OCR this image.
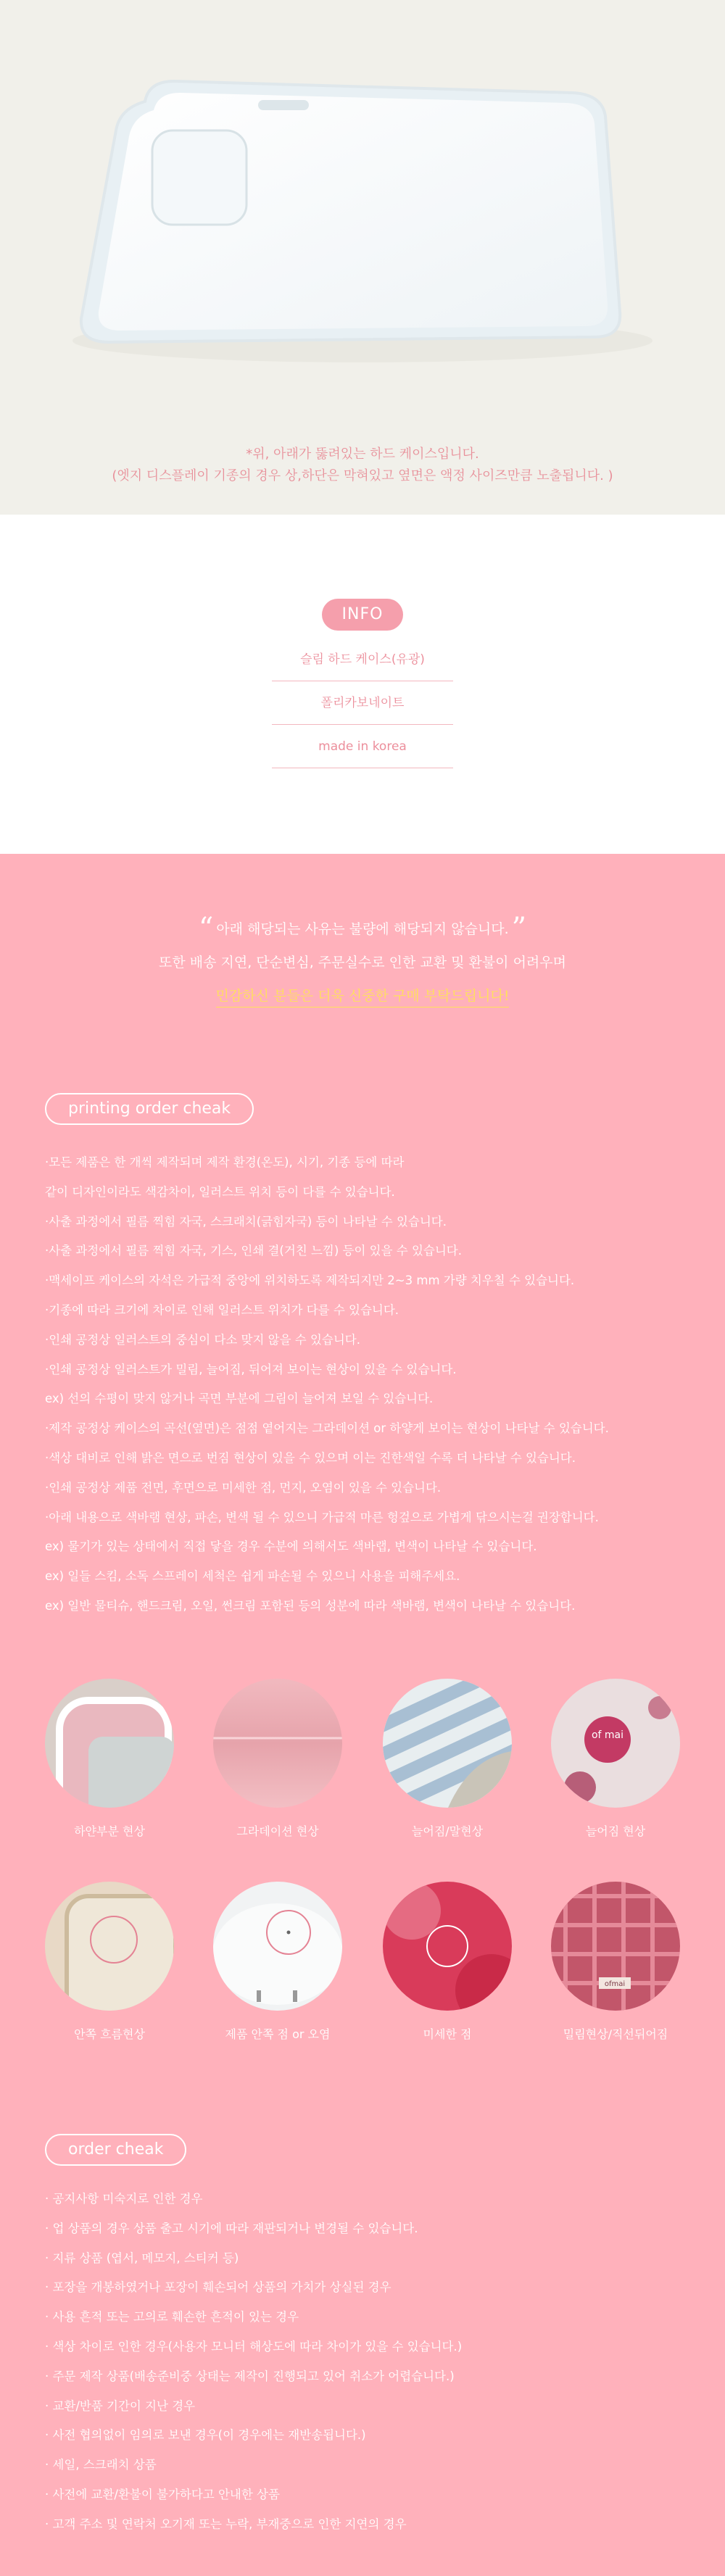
*위, 아래가 뚫려있는 하드 케이스입니다.
(엣지 디스플레이 기종의 경우 상,하단은 막혀있고 옆면은 액정 사이즈만큼 노출됩니다. )
INFO
슬림 하드 케이스(유광)
폴리카보네이트
made in korea
“ 아래 해당되는 사유는 불량에 해당되지 않습니다. ”
또한 배송 지연, 단순변심, 주문실수로 인한 교환 및 환불이 어려우며
민감하신 분들은 더욱 신중한 구매 부탁드립니다!
printing order cheak
·모든 제품은 한 개씩 제작되며 제작 환경(온도), 시기, 기종 등에 따라
같이 디자인이라도 색감차이, 일러스트 위치 등이 다를 수 있습니다.
·사출 과정에서 필름 찍힘 자국, 스크래치(긁힘자국) 등이 나타날 수 있습니다.
·사출 과정에서 필름 찍힘 자국, 기스, 인쇄 결(거친 느낌) 등이 있을 수 있습니다.
·맥세이프 케이스의 자석은 가급적 중앙에 위치하도록 제작되지만 2~3 mm 가량 치우칠 수 있습니다.
·기종에 따라 크기에 차이로 인해 일러스트 위치가 다를 수 있습니다.
·인쇄 공정상 일러스트의 중심이 다소 맞지 않을 수 있습니다.
·인쇄 공정상 일러스트가 밀림, 늘어짐, 뒤어져 보이는 현상이 있을 수 있습니다.
ex) 선의 수평이 맞지 않거나 곡면 부분에 그림이 늘어져 보일 수 있습니다.
·제작 공정상 케이스의 곡선(옆면)은 점점 옅어지는 그라데이션 or 하얗게 보이는 현상이 나타날 수 있습니다.
·색상 대비로 인해 밝은 면으로 번짐 현상이 있을 수 있으며 이는 진한색일 수록 더 나타날 수 있습니다.
·인쇄 공정상 제품 전면, 후면으로 미세한 점, 먼지, 오염이 있을 수 있습니다.
·아래 내용으로 색바램 현상, 파손, 변색 될 수 있으니 가급적 마른 헝겊으로 가볍게 닦으시는걸 권장합니다.
ex) 물기가 있는 상태에서 직접 닿을 경우 수분에 의해서도 색바랩, 변색이 나타날 수 있습니다.
ex) 일들 스킴, 소독 스프레이 세척은 쉽게 파손될 수 있으니 사용을 피해주세요.
ex) 일반 물티슈, 핸드크림, 오일, 썬크림 포함된 등의 성분에 따라 색바램, 변색이 나타날 수 있습니다.
하얀부분 현상	그라데이션 현상	늘어짐/말현상
of mai
늘어짐 현상
안쪽 흐름현상	제품 안쪽 점 or 오염	미세한 점
ofmai
밀림현상/직선뒤어짐
order cheak
· 공지사항 미숙지로 인한 경우
· 업 상품의 경우 상품 출고 시기에 따라 재판되거나 변경될 수 있습니다.
· 지류 상품 (엽서, 메모지, 스티커 등)
· 포장을 개봉하였거나 포장이 훼손되어 상품의 가치가 상실된 경우
· 사용 흔적 또는 고의로 훼손한 흔적이 있는 경우
· 색상 차이로 인한 경우(사용자 모니터 해상도에 따라 차이가 있을 수 있습니다.)
· 주문 제작 상품(배송준비중 상태는 제작이 진행되고 있어 취소가 어렵습니다.)
· 교환/반품 기간이 지난 경우
· 사전 협의없이 임의로 보낸 경우(이 경우에는 재반송됩니다.)
· 세일, 스크래치 상품
· 사전에 교환/환불이 불가하다고 안내한 상품
· 고객 주소 및 연락처 오기재 또는 누락, 부재중으로 인한 지연의 경우
